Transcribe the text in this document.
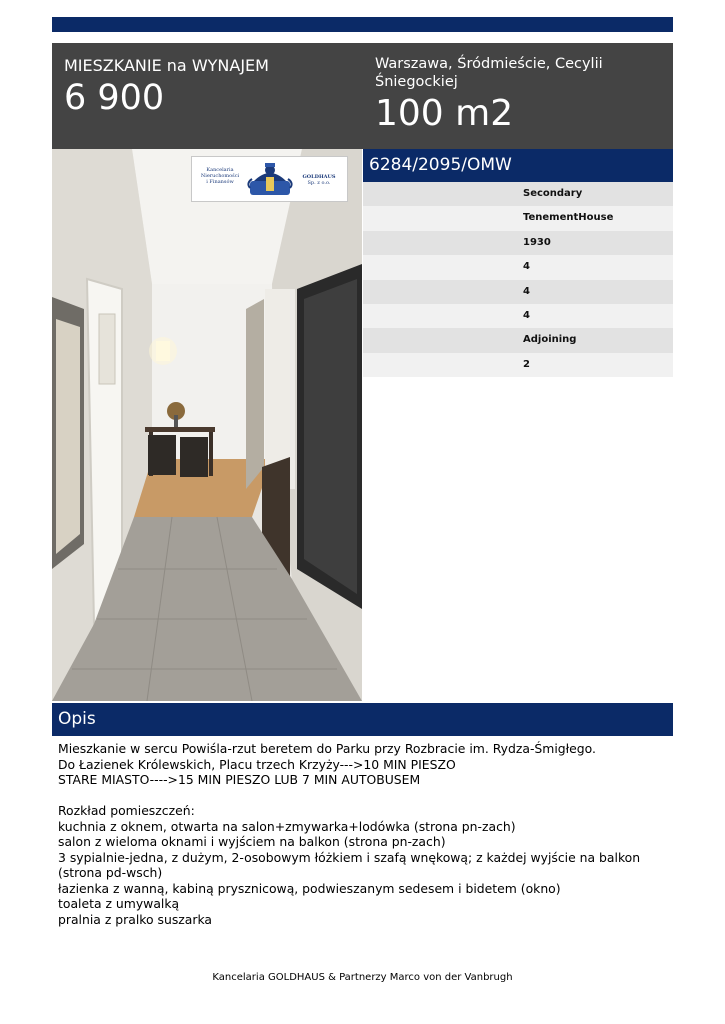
MIESZKANIE na WYNAJEM
6 900
Warszawa, Śródmieście, Cecylii Śniegockiej
100 m2
Kancelaria
Nieruchomości
i Finansów
GOLDHAUS
Sp. z o.o.
6284/2095/OMW
Secondary
TenementHouse
1930
4
4
4
Adjoining
2
Opis
Mieszkanie w sercu Powiśla-rzut beretem do Parku przy Rozbracie im. Rydza-Śmigłego.
Do Łazienek Królewskich, Placu trzech Krzyży--->10 MIN PIESZO
STARE MIASTO---->15 MIN PIESZO LUB 7 MIN AUTOBUSEM
Rozkład pomieszczeń:
kuchnia z oknem, otwarta na salon+zmywarka+lodówka (strona pn-zach)
salon z wieloma oknami i wyjściem na balkon (strona pn-zach)
3 sypialnie-jedna, z dużym, 2-osobowym łóżkiem i szafą wnękową; z każdej wyjście na balkon
(strona pd-wsch)
łazienka z wanną, kabiną prysznicową, podwieszanym sedesem i bidetem (okno)
toaleta z umywalką
pralnia z pralko suszarka
Kancelaria GOLDHAUS & Partnerzy Marco von der Vanbrugh
